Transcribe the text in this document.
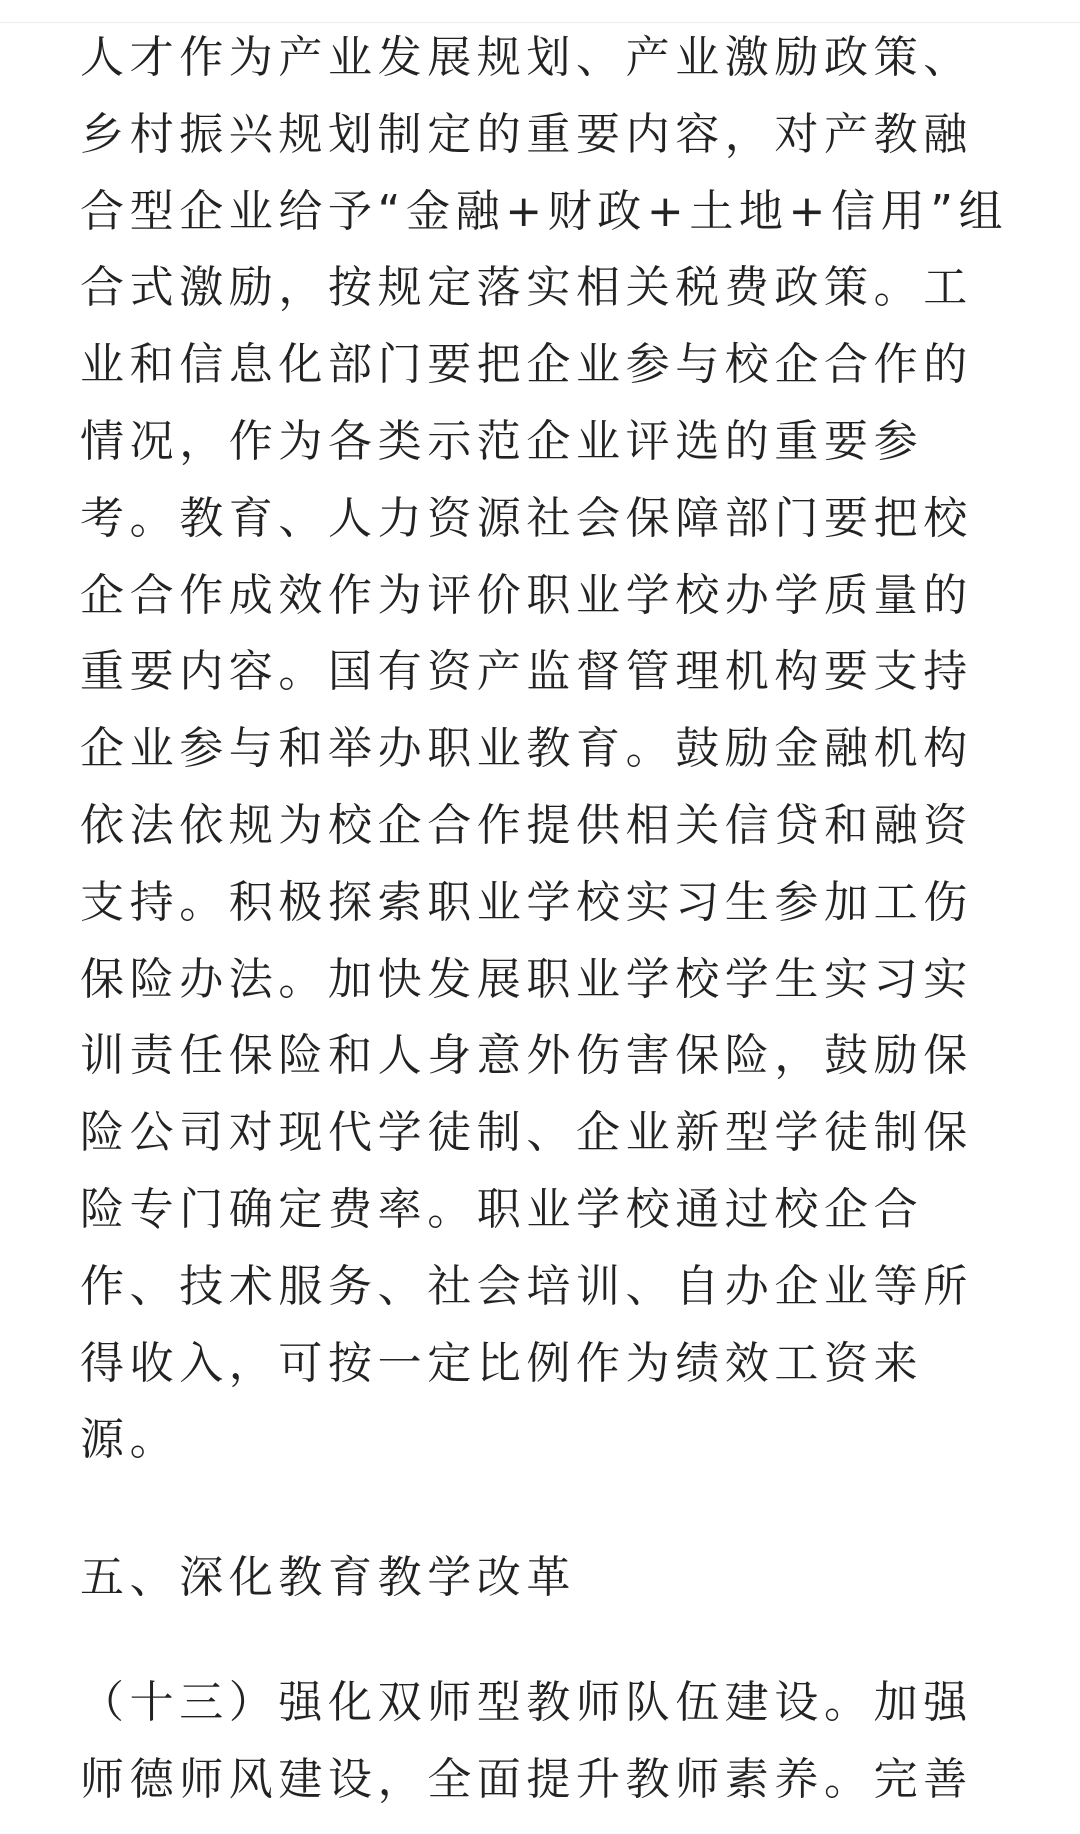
人才作为产业发展规划、产业激励政策、
乡村振兴规划制定的重要内容，对产教融
合型企业给予“金融+财政+土地+信用”组
合式激励，按规定落实相关税费政策。工
业和信息化部门要把企业参与校企合作的
情况，作为各类示范企业评选的重要参
考。教育、人力资源社会保障部门要把校
企合作成效作为评价职业学校办学质量的
重要内容。国有资产监督管理机构要支持
企业参与和举办职业教育。鼓励金融机构
依法依规为校企合作提供相关信贷和融资
支持。积极探索职业学校实习生参加工伤
保险办法。加快发展职业学校学生实习实
训责任保险和人身意外伤害保险，鼓励保
险公司对现代学徒制、企业新型学徒制保
险专门确定费率。职业学校通过校企合
作、技术服务、社会培训、自办企业等所
得收入，可按一定比例作为绩效工资来
源。
五、深化教育教学改革
（十三）强化双师型教师队伍建设。加强
师德师风建设，全面提升教师素养。完善
